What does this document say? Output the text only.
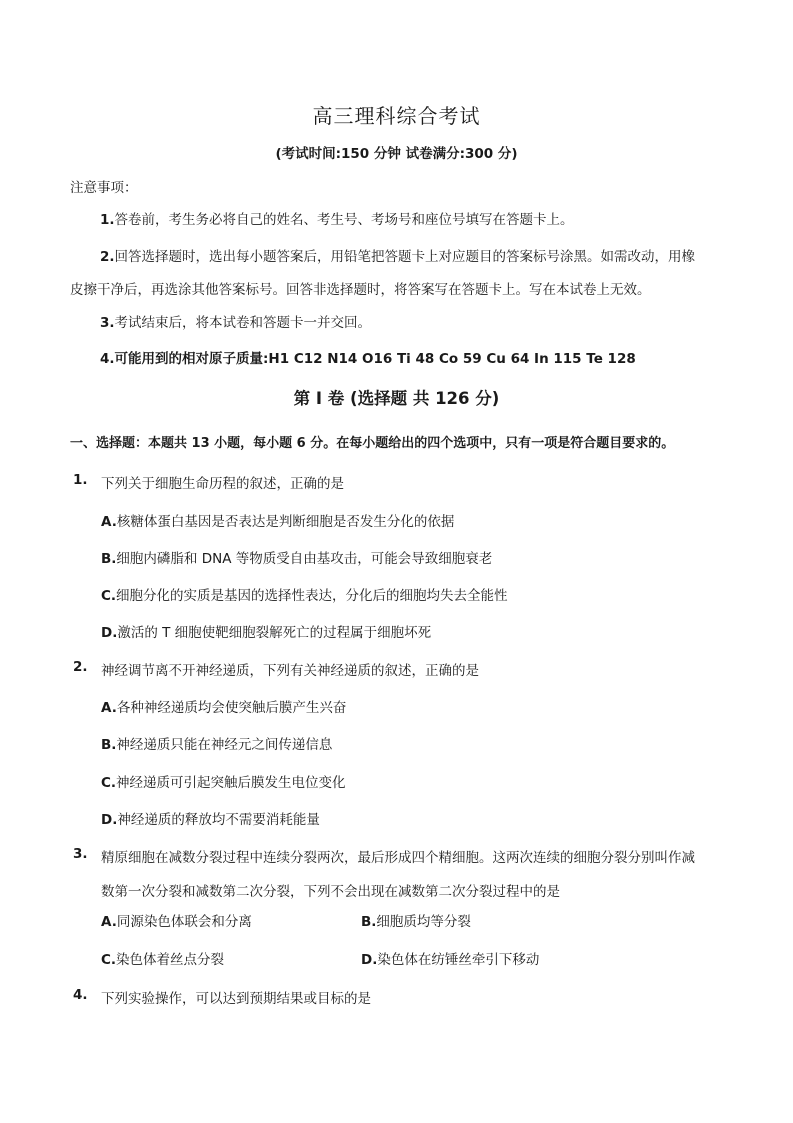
高三理科综合考试
(考试时间:150 分钟 试卷满分:300 分)
注意事项：
1.答卷前，考生务必将自己的姓名、考生号、考场号和座位号填写在答题卡上。
2.回答选择题时，选出每小题答案后，用铅笔把答题卡上对应题目的答案标号涂黑。如需改动，用橡
皮擦干净后，再选涂其他答案标号。回答非选择题时，将答案写在答题卡上。写在本试卷上无效。
3.考试结束后，将本试卷和答题卡一并交回。
4.可能用到的相对原子质量:H1 C12 N14 O16 Ti 48 Co 59 Cu 64 In 115 Te 128
第 I 卷 (选择题 共 126 分)
一、选择题：本题共 13 小题，每小题 6 分。在每小题给出的四个选项中，只有一项是符合题目要求的。
1. 下列关于细胞生命历程的叙述，正确的是
A.核糖体蛋白基因是否表达是判断细胞是否发生分化的依据
B.细胞内磷脂和 DNA 等物质受自由基攻击，可能会导致细胞衰老
C.细胞分化的实质是基因的选择性表达，分化后的细胞均失去全能性
D.激活的 T 细胞使靶细胞裂解死亡的过程属于细胞坏死
2. 神经调节离不开神经递质，下列有关神经递质的叙述，正确的是
A.各种神经递质均会使突触后膜产生兴奋
B.神经递质只能在神经元之间传递信息
C.神经递质可引起突触后膜发生电位变化
D.神经递质的释放均不需要消耗能量
3. 精原细胞在减数分裂过程中连续分裂两次，最后形成四个精细胞。这两次连续的细胞分裂分别叫作减
数第一次分裂和减数第二次分裂，下列不会出现在减数第二次分裂过程中的是
A.同源染色体联会和分离	B.细胞质均等分裂
C.染色体着丝点分裂	D.染色体在纺锤丝牵引下移动
4. 下列实验操作，可以达到预期结果或目标的是
